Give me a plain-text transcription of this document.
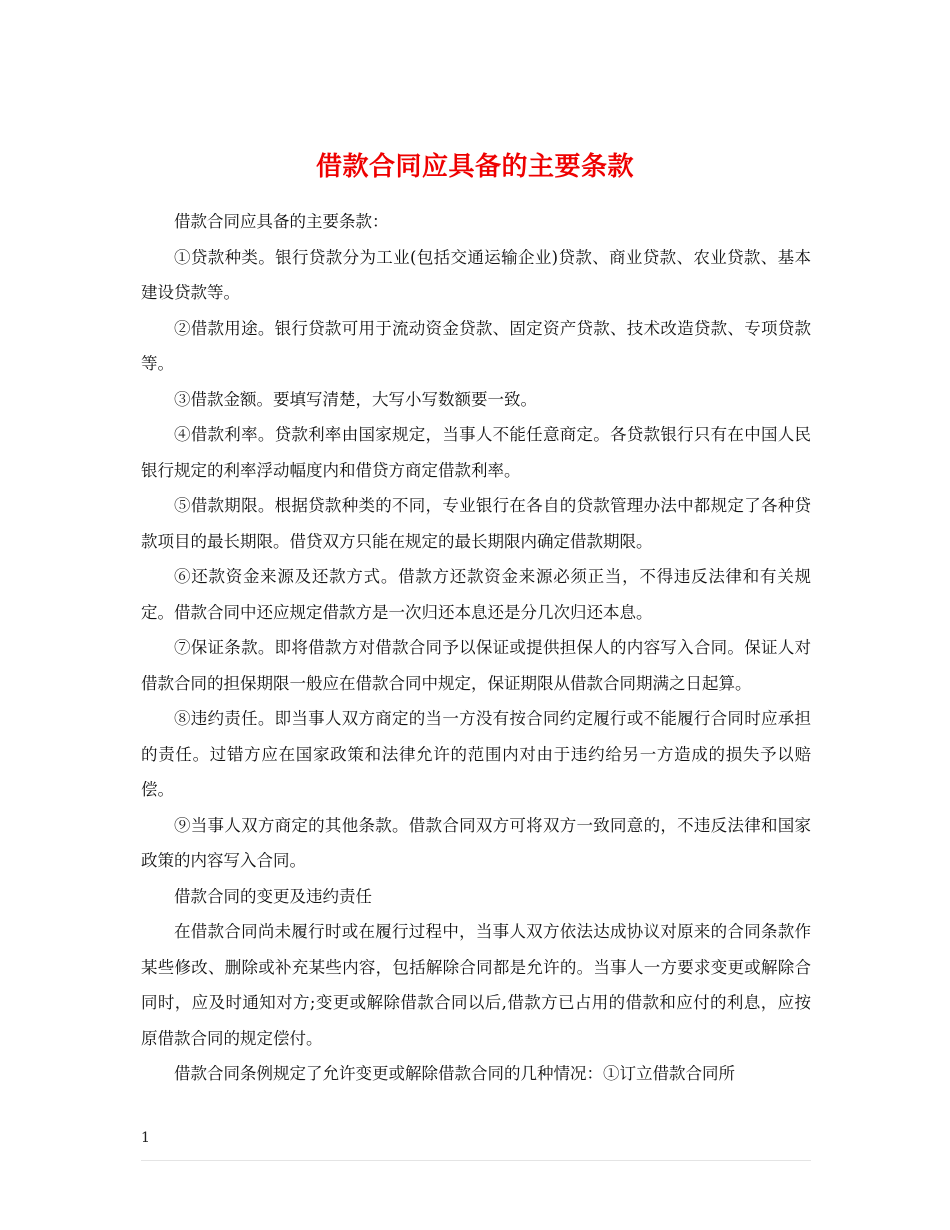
借款合同应具备的主要条款

借款合同应具备的主要条款：

①贷款种类。银行贷款分为工业(包括交通运输企业)贷款、商业贷款、农业贷款、基本建设贷款等。

②借款用途。银行贷款可用于流动资金贷款、固定资产贷款、技术改造贷款、专项贷款等。

③借款金额。要填写清楚，大写小写数额要一致。

④借款利率。贷款利率由国家规定，当事人不能任意商定。各贷款银行只有在中国人民银行规定的利率浮动幅度内和借贷方商定借款利率。

⑤借款期限。根据贷款种类的不同，专业银行在各自的贷款管理办法中都规定了各种贷款项目的最长期限。借贷双方只能在规定的最长期限内确定借款期限。

⑥还款资金来源及还款方式。借款方还款资金来源必须正当，不得违反法律和有关规定。借款合同中还应规定借款方是一次归还本息还是分几次归还本息。

⑦保证条款。即将借款方对借款合同予以保证或提供担保人的内容写入合同。保证人对借款合同的担保期限一般应在借款合同中规定，保证期限从借款合同期满之日起算。

⑧违约责任。即当事人双方商定的当一方没有按合同约定履行或不能履行合同时应承担的责任。过错方应在国家政策和法律允许的范围内对由于违约给另一方造成的损失予以赔偿。

⑨当事人双方商定的其他条款。借款合同双方可将双方一致同意的，不违反法律和国家政策的内容写入合同。

借款合同的变更及违约责任

在借款合同尚未履行时或在履行过程中，当事人双方依法达成协议对原来的合同条款作某些修改、删除或补充某些内容，包括解除合同都是允许的。当事人一方要求变更或解除合同时，应及时通知对方;变更或解除借款合同以后,借款方已占用的借款和应付的利息，应按原借款合同的规定偿付。

借款合同条例规定了允许变更或解除借款合同的几种情况：①订立借款合同所

1
